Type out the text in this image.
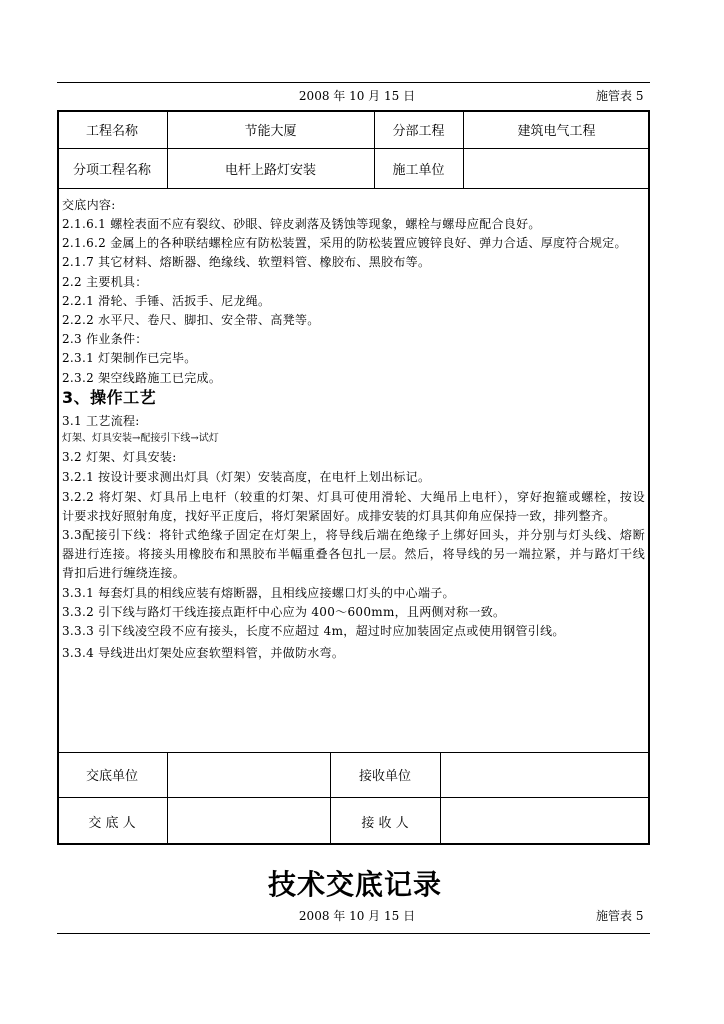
2008 年 10 月 15 日	施管表 5
工程名称	节能大厦	分部工程	建筑电气工程
分项工程名称	电杆上路灯安装	施工单位
交底内容:
2.1.6.1 螺栓表面不应有裂纹、砂眼、锌皮剥落及锈蚀等现象，螺栓与螺母应配合良好。
2.1.6.2 金属上的各种联结螺栓应有防松装置，采用的防松装置应镀锌良好、弹力合适、厚度符合规定。
2.1.7 其它材料、熔断器、绝缘线、软塑料管、橡胶布、黑胶布等。
2.2 主要机具：
2.2.1 滑轮、手锤、活扳手、尼龙绳。
2.2.2 水平尺、卷尺、脚扣、安全带、高凳等。
2.3 作业条件：
2.3.1 灯架制作已完毕。
2.3.2 架空线路施工已完成。
3、操作工艺
3.1 工艺流程:
灯架、灯具安装→配接引下线→试灯
3.2 灯架、灯具安装:
3.2.1 按设计要求测出灯具（灯架）安装高度，在电杆上划出标记。
3.2.2 将灯架、灯具吊上电杆（较重的灯架、灯具可使用滑轮、大绳吊上电杆），穿好抱箍或螺栓，按设
计要求找好照射角度，找好平正度后，将灯架紧固好。成排安装的灯具其仰角应保持一致，排列整齐。
3.3配接引下线：将针式绝缘子固定在灯架上，将导线后端在绝缘子上绑好回头，并分别与灯头线、熔断
器进行连接。将接头用橡胶布和黑胶布半幅重叠各包扎一层。然后，将导线的另一端拉紧，并与路灯干线
背扣后进行缠绕连接。
3.3.1 每套灯具的相线应装有熔断器，且相线应接螺口灯头的中心端子。
3.3.2 引下线与路灯干线连接点距杆中心应为 400～600mm，且两侧对称一致。
3.3.3 引下线凌空段不应有接头，长度不应超过 4m，超过时应加装固定点或使用钢管引线。
3.3.4 导线进出灯架处应套软塑料管，并做防水弯。
交底单位	接收单位
交 底 人	接 收 人
技术交底记录
2008 年 10 月 15 日	施管表 5
